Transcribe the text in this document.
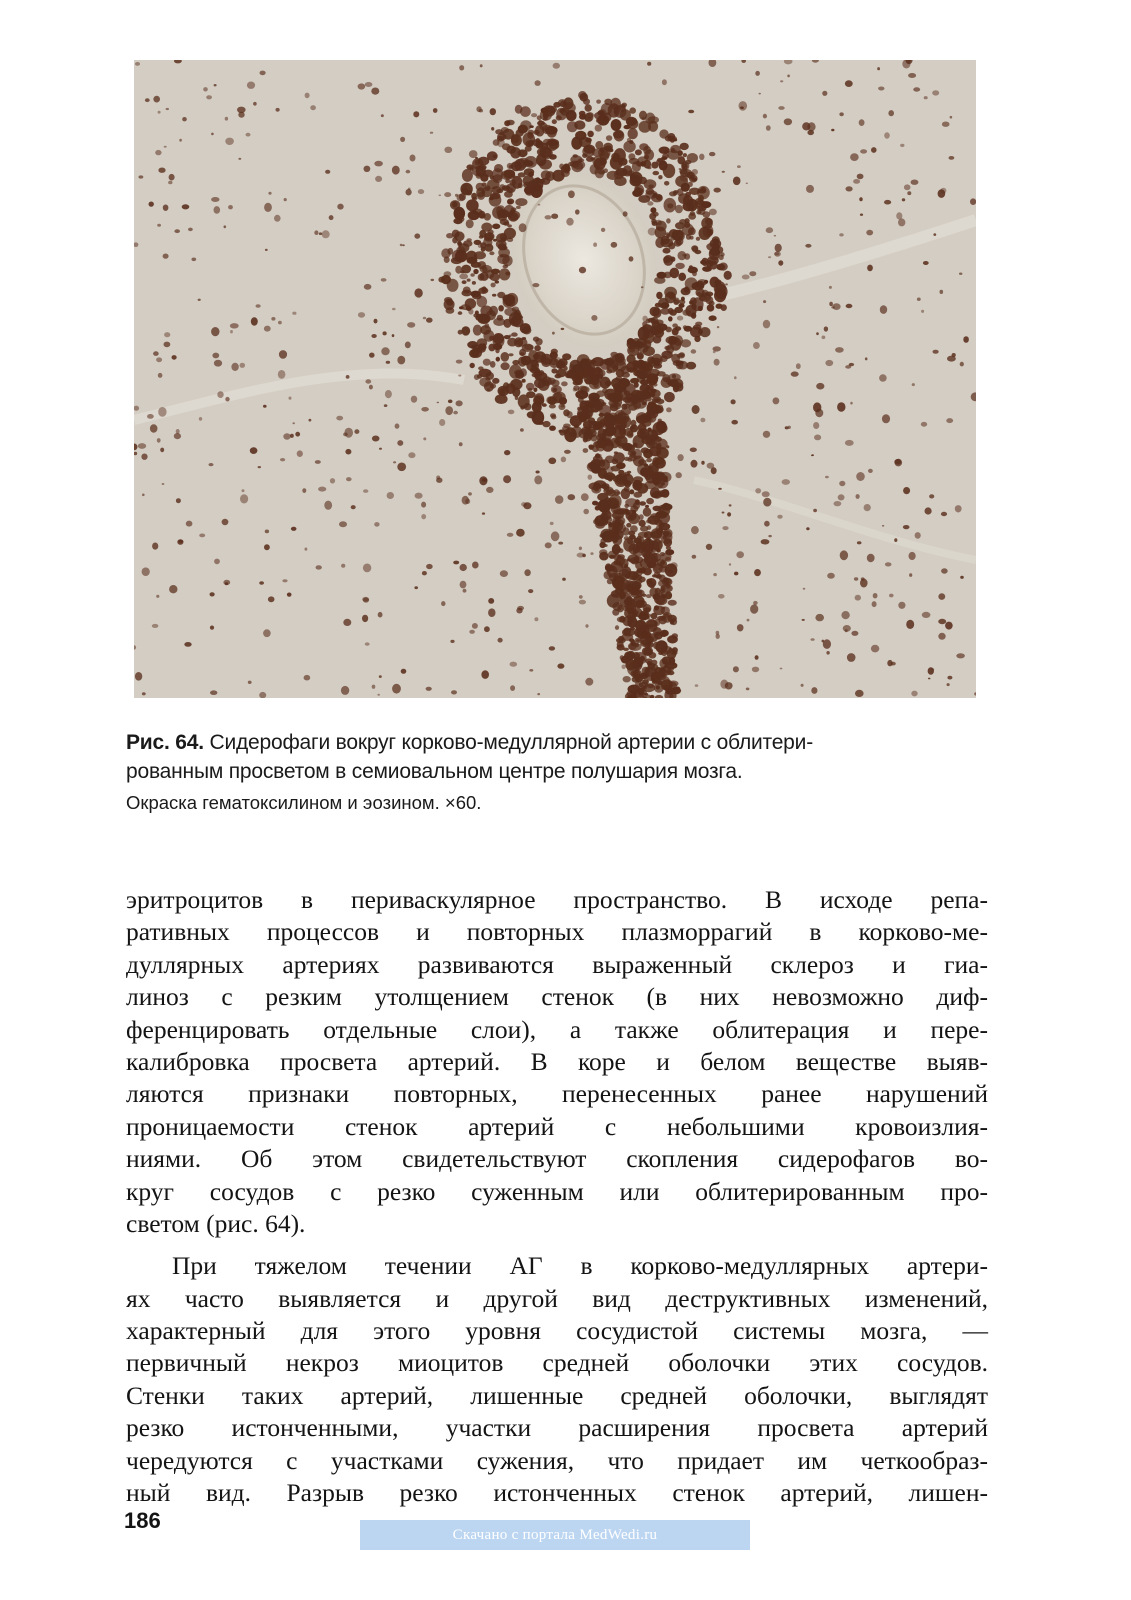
Рис. 64. Сидерофаги вокруг корково-медуллярной артерии с облитери-
рованным просветом в семиовальном центре полушария мозга.
Окраска гематоксилином и эозином. ×60.
эритроцитов в периваскулярное пространство. В исходе репа-
ративных процессов и повторных плазморрагий в корково-ме-
дуллярных артериях развиваются выраженный склероз и гиа-
линоз с резким утолщением стенок (в них невозможно диф-
ференцировать отдельные слои), а также облитерация и пере-
калибровка просвета артерий. В коре и белом веществе выяв-
ляются признаки повторных, перенесенных ранее нарушений
проницаемости стенок артерий с небольшими кровоизлия-
ниями. Об этом свидетельствуют скопления сидерофагов во-
круг сосудов с резко суженным или облитерированным про-
светом (рис. 64).
При тяжелом течении АГ в корково-медуллярных артери-
ях часто выявляется и другой вид деструктивных изменений,
характерный для этого уровня сосудистой системы мозга, —
первичный некроз миоцитов средней оболочки этих сосудов.
Стенки таких артерий, лишенные средней оболочки, выглядят
резко истонченными, участки расширения просвета артерий
чередуются с участками сужения, что придает им четкообраз-
ный вид. Разрыв резко истонченных стенок артерий, лишен-
186
Скачано с портала MedWedi.ru
